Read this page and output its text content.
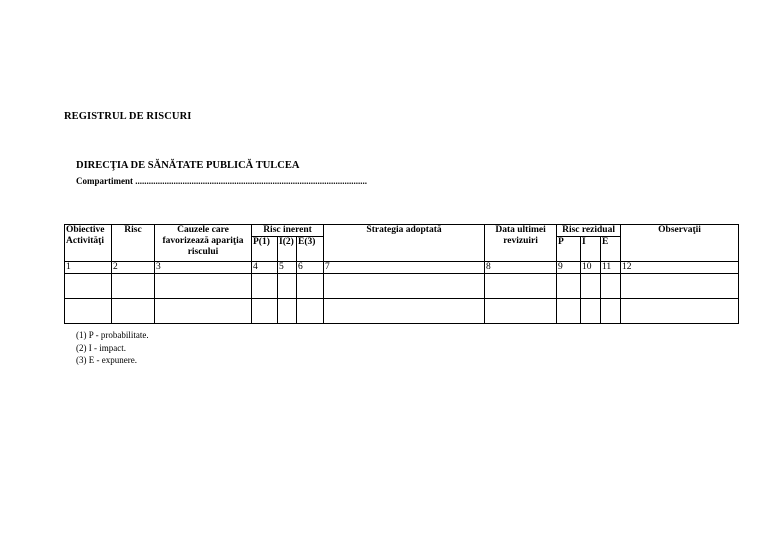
REGISTRUL DE RISCURI
DIRECŢIA DE SĂNĂTATE PUBLICĂ TULCEA
Compartiment .......................................................................................................
Obiective Activităţi	Risc	Cauzele care favorizează apariţia riscului	Risc inerent			Strategia adoptată	Data ultimei revizuiri	Risc rezidual			Observaţii
			P(1)	I(2)	E(3)			P	I	E	
1	2	3	4	5	6	7	8	9	10	11	12

(1) P - probabilitate.
(2) I - impact.
(3) E - expunere.
